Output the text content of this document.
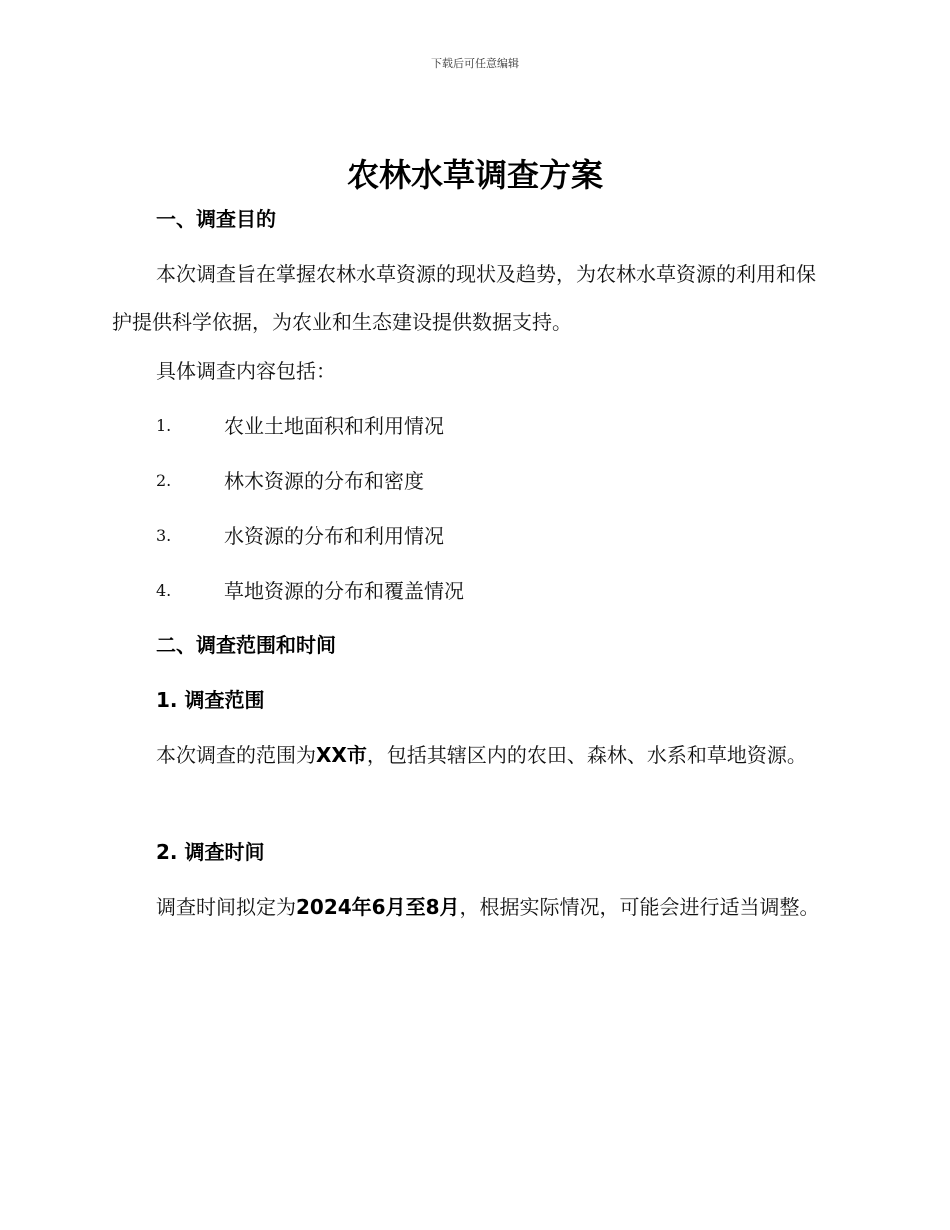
下载后可任意编辑
农林水草调查方案
一、调查目的
本次调查旨在掌握农林水草资源的现状及趋势，为农林水草资源的利用和保护提供科学依据，为农业和生态建设提供数据支持。
具体调查内容包括：
1.	农业土地面积和利用情况
2.	林木资源的分布和密度
3.	水资源的分布和利用情况
4.	草地资源的分布和覆盖情况
二、调查范围和时间
1. 调查范围
本次调查的范围为XX市，包括其辖区内的农田、森林、水系和草地资源。
2. 调查时间
调查时间拟定为2024年6月至8月，根据实际情况，可能会进行适当调整。
